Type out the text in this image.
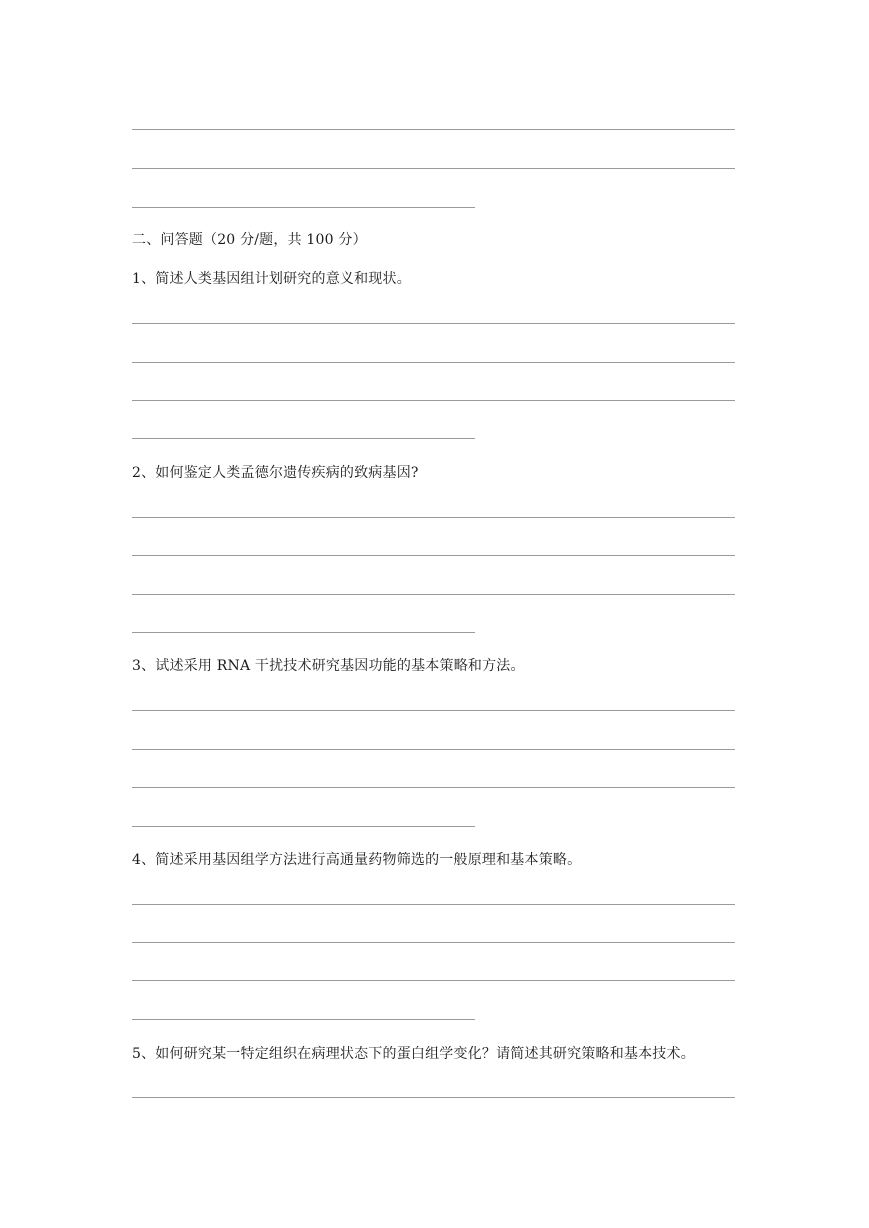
二、问答题（20 分/题，共 100 分）
1、简述人类基因组计划研究的意义和现状。
2、如何鉴定人类孟德尔遗传疾病的致病基因?
3、试述采用 RNA 干扰技术研究基因功能的基本策略和方法。
4、简述采用基因组学方法进行高通量药物筛选的一般原理和基本策略。
5、如何研究某一特定组织在病理状态下的蛋白组学变化？请简述其研究策略和基本技术。
